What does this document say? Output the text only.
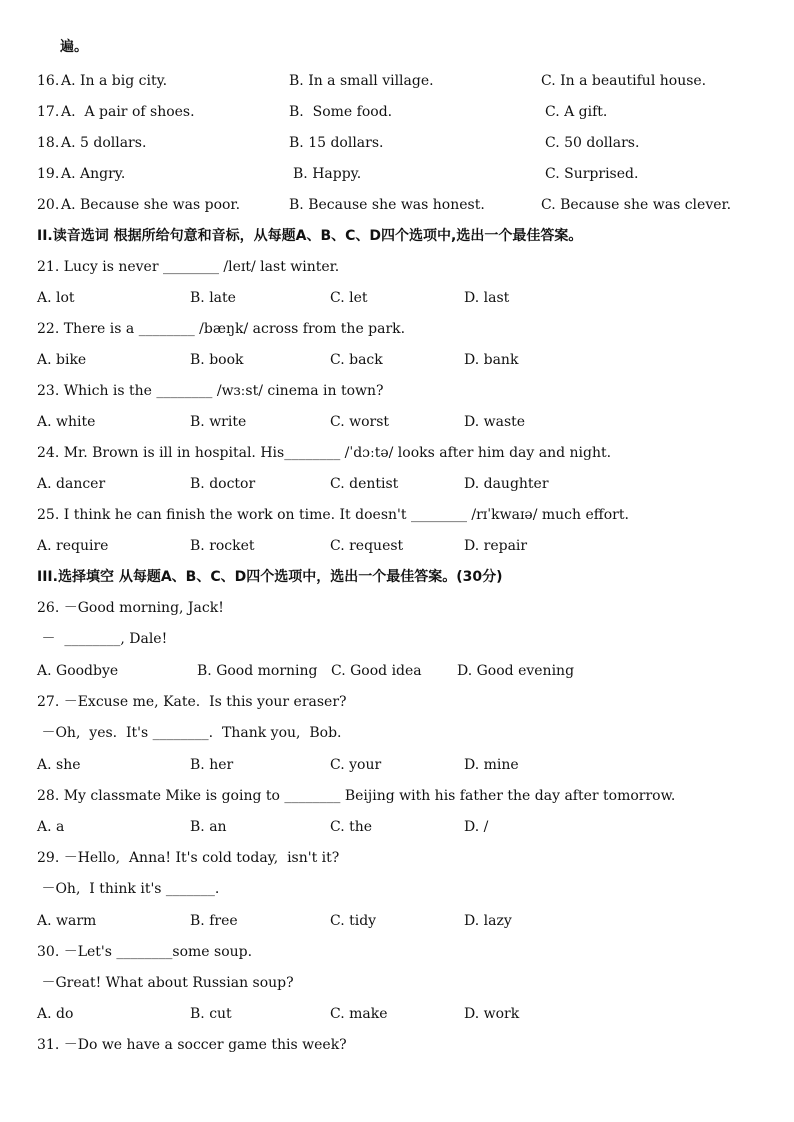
遍。
16. A. In a big city.	B. In a small village.	C. In a beautiful house.
17. A.  A pair of shoes.	B.  Some food.	C. A gift.
18. A. 5 dollars.	B. 15 dollars.	C. 50 dollars.
19. A. Angry.	B. Happy.	C. Surprised.
20. A. Because she was poor.	B. Because she was honest.	C. Because she was clever.
II.读音选词 根据所给句意和音标，从每题A、B、C、D四个选项中,选出一个最佳答案。
21. Lucy is never ________ /leɪt/ last winter.
A. lot	B. late	C. let	D. last
22. There is a ________ /bæŋk/ across from the park.
A. bike	B. book	C. back	D. bank
23. Which is the ________ /wɜːst/ cinema in town?
A. white	B. write	C. worst	D. waste
24. Mr. Brown is ill in hospital. His________ /ˈdɔːtə/ looks after him day and night.
A. dancer	B. doctor	C. dentist	D. daughter
25. I think he can finish the work on time. It doesn't ________ /rɪˈkwaɪə/ much effort.
A. require	B. rocket	C. request	D. repair
III.选择填空 从每题A、B、C、D四个选项中，选出一个最佳答案。(30分)
26. －Good morning, Jack!
－  ________, Dale!
A. Goodbye	B. Good morning C. Good idea	D. Good evening
27. －Excuse me, Kate.  Is this your eraser?
－Oh,  yes.  It's ________.  Thank you,  Bob.
A. she	B. her	C. your	D. mine
28. My classmate Mike is going to ________ Beijing with his father the day after tomorrow.
A. a	B. an	C. the	D. /
29. －Hello,  Anna! It's cold today,  isn't it?
－Oh,  I think it's _______.
A. warm	B. free	C. tidy	D. lazy
30. －Let's ________some soup.
－Great! What about Russian soup?
A. do	B. cut	C. make	D. work
31. －Do we have a soccer game this week?
